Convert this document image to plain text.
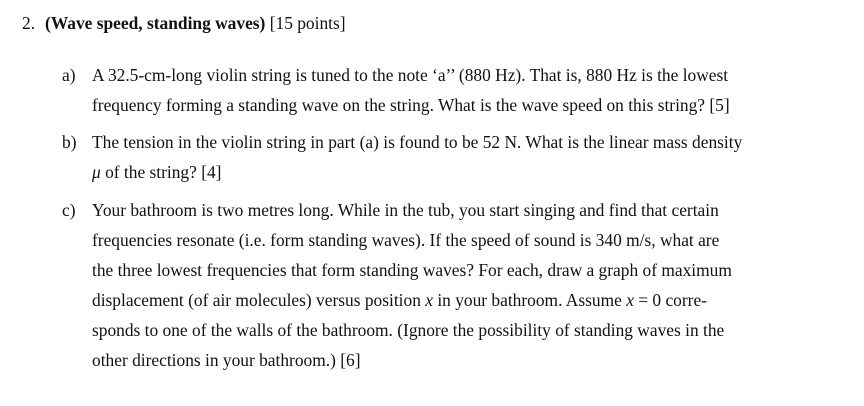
2. (Wave speed, standing waves) [15 points]
a) A 32.5-cm-long violin string is tuned to the note ‘a’’ (880 Hz). That is, 880 Hz is the lowest
frequency forming a standing wave on the string. What is the wave speed on this string? [5]
b) The tension in the violin string in part (a) is found to be 52 N. What is the linear mass density
μ of the string? [4]
c) Your bathroom is two metres long. While in the tub, you start singing and find that certain
frequencies resonate (i.e. form standing waves). If the speed of sound is 340 m/s, what are
the three lowest frequencies that form standing waves? For each, draw a graph of maximum
displacement (of air molecules) versus position x in your bathroom. Assume x = 0 corre-
sponds to one of the walls of the bathroom. (Ignore the possibility of standing waves in the
other directions in your bathroom.) [6]
